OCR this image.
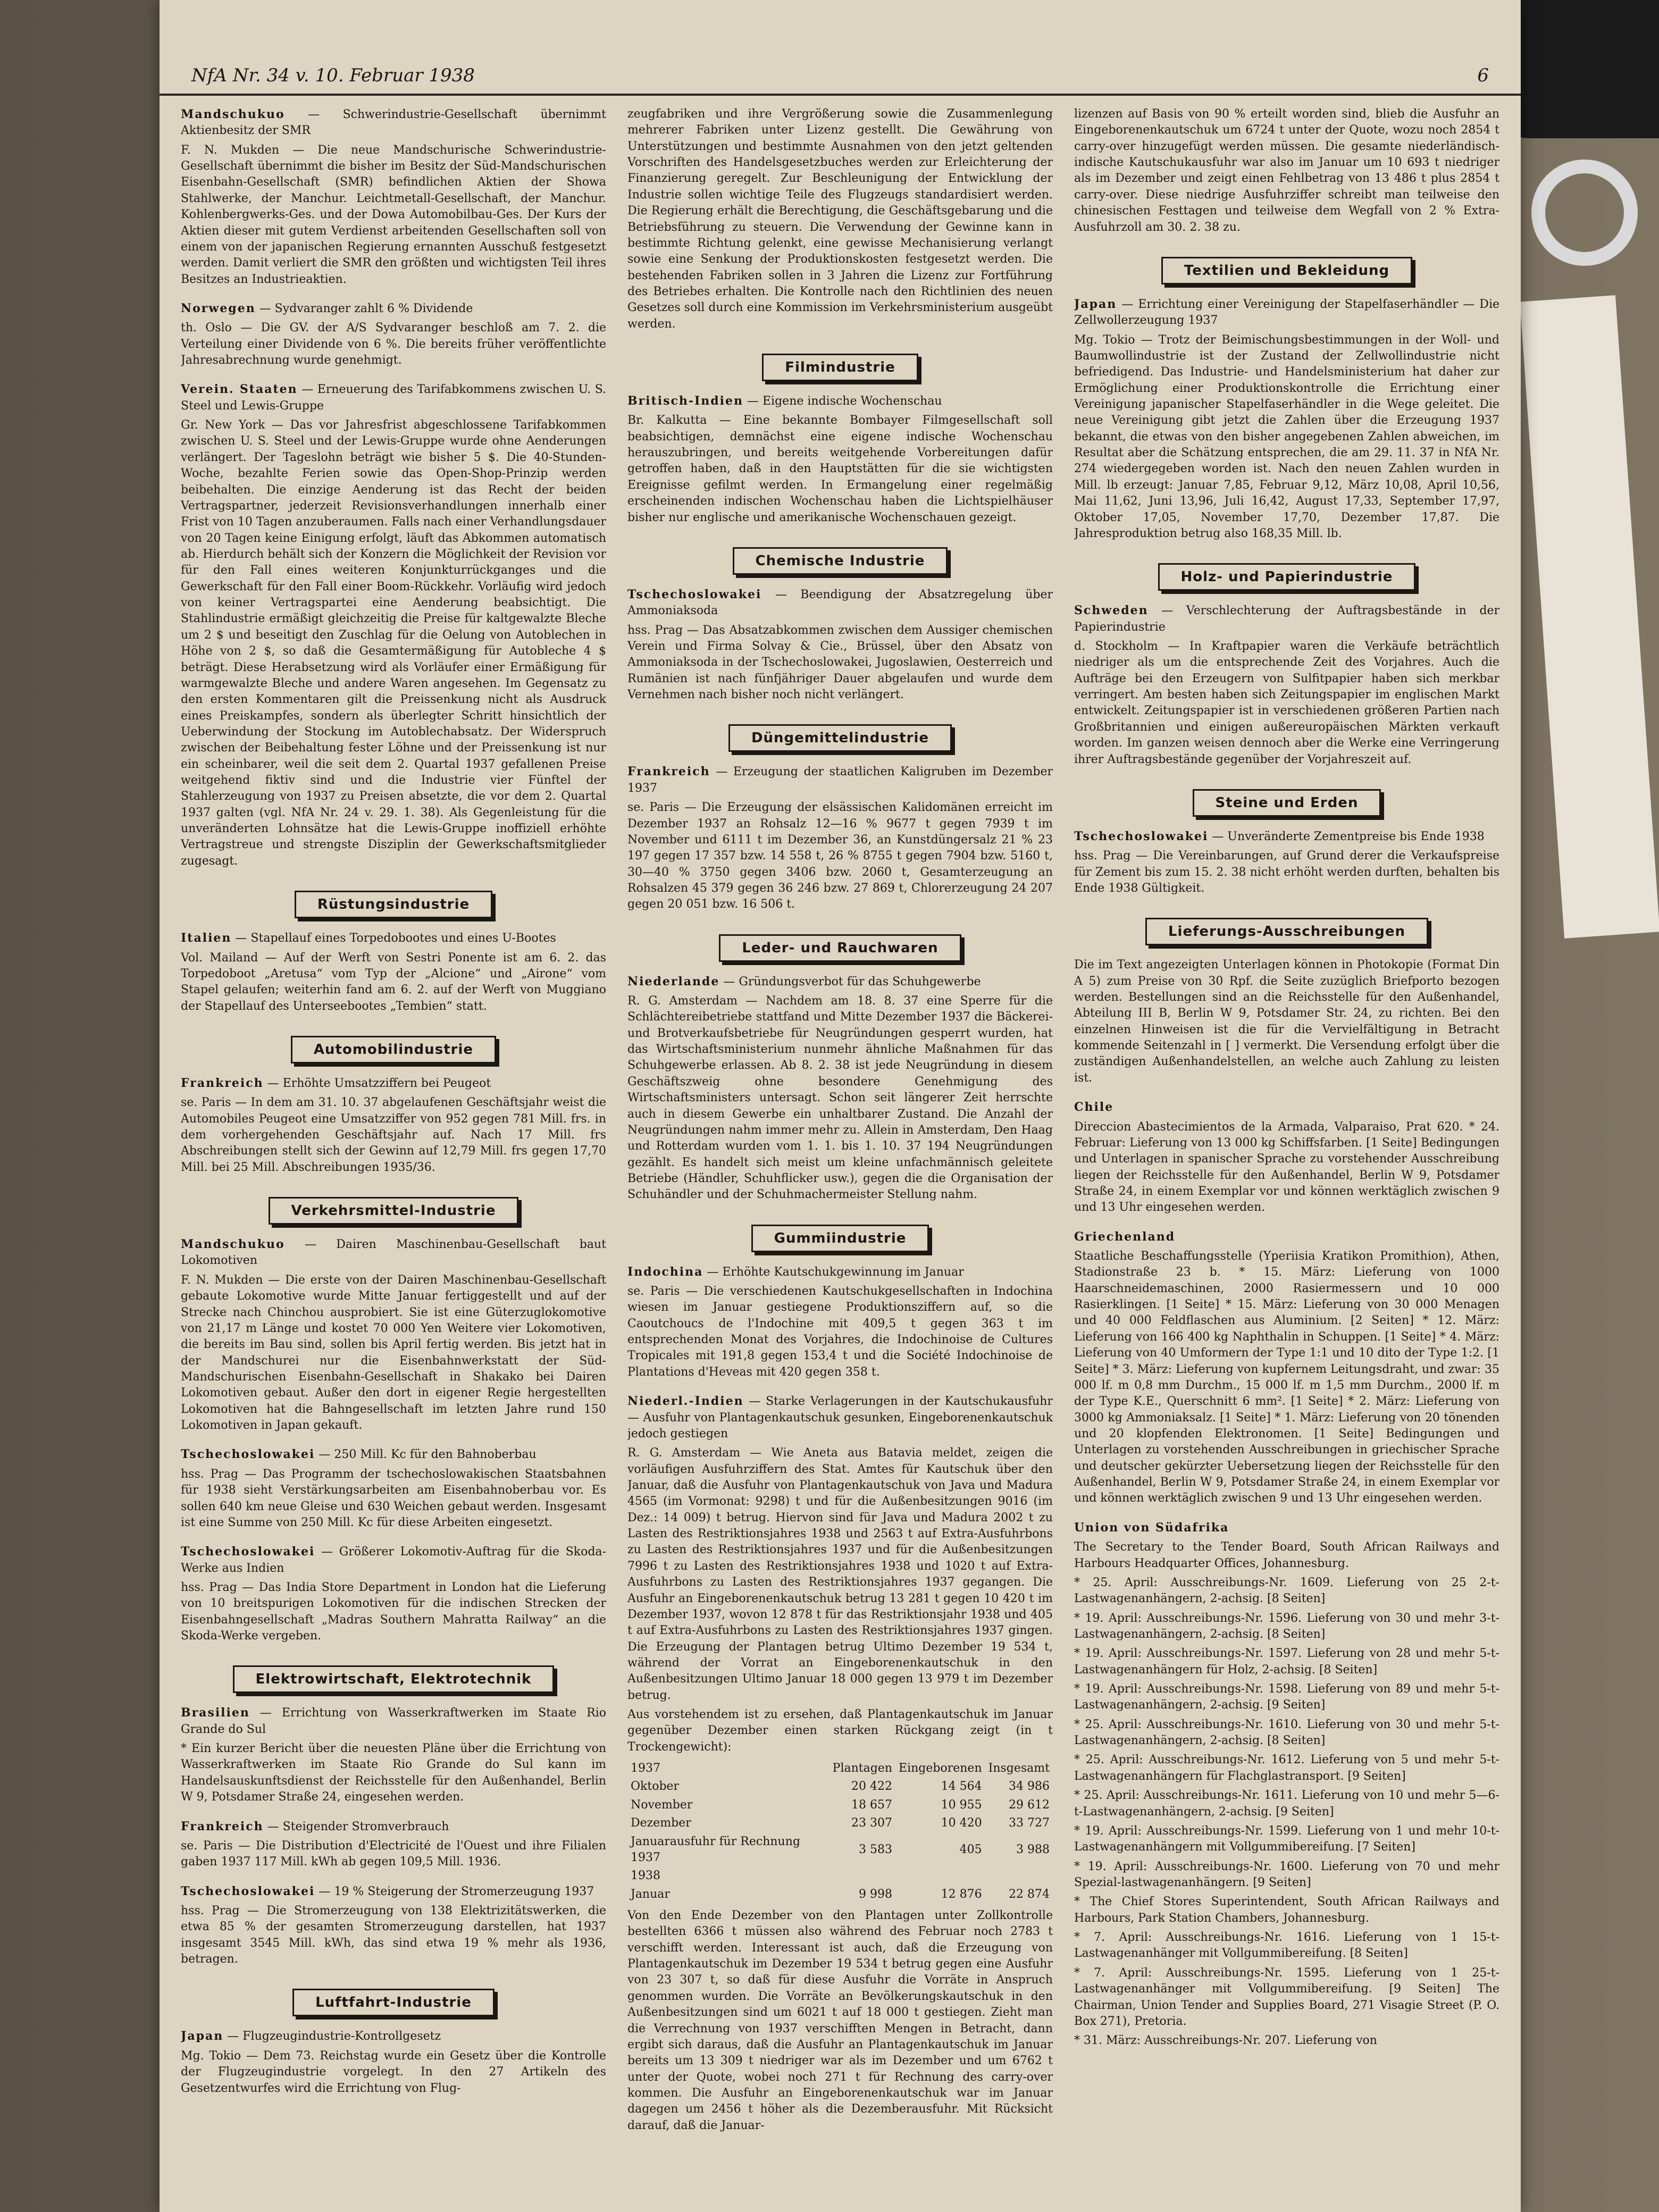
NfA Nr. 34 v. 10. Februar 1938	6
Mandschukuo — Schwerindustrie-Gesellschaft übernimmt Aktienbesitz der SMR

F. N. Mukden — Die neue Mandschurische Schwerindustrie-Gesellschaft übernimmt die bisher im Besitz der Süd-Mandschurischen Eisenbahn-Gesellschaft (SMR) befindlichen Aktien der Showa Stahlwerke, der Manchur. Leichtmetall-Gesellschaft, der Manchur. Kohlenbergwerks-Ges. und der Dowa Automobilbau-Ges. Der Kurs der Aktien dieser mit gutem Verdienst arbeitenden Gesellschaften soll von einem von der japanischen Regierung ernannten Ausschuß festgesetzt werden. Damit verliert die SMR den größten und wichtigsten Teil ihres Besitzes an Industrieaktien.

Norwegen — Sydvaranger zahlt 6 % Dividende

th. Oslo — Die GV. der A/S Sydvaranger beschloß am 7. 2. die Verteilung einer Dividende von 6 %. Die bereits früher veröffentlichte Jahresabrechnung wurde genehmigt.

Verein. Staaten — Erneuerung des Tarifabkommens zwischen U. S. Steel und Lewis-Gruppe

Gr. New York — Das vor Jahresfrist abgeschlossene Tarifabkommen zwischen U. S. Steel und der Lewis-Gruppe wurde ohne Aenderungen verlängert. Der Tageslohn beträgt wie bisher 5 $. Die 40-Stunden-Woche, bezahlte Ferien sowie das Open-Shop-Prinzip werden beibehalten. Die einzige Aenderung ist das Recht der beiden Vertragspartner, jederzeit Revisionsverhandlungen innerhalb einer Frist von 10 Tagen anzuberaumen. Falls nach einer Verhandlungsdauer von 20 Tagen keine Einigung erfolgt, läuft das Abkommen automatisch ab. Hierdurch behält sich der Konzern die Möglichkeit der Revision vor für den Fall eines weiteren Konjunkturrückganges und die Gewerkschaft für den Fall einer Boom-Rückkehr. Vorläufig wird jedoch von keiner Vertragspartei eine Aenderung beabsichtigt. Die Stahlindustrie ermäßigt gleichzeitig die Preise für kaltgewalzte Bleche um 2 $ und beseitigt den Zuschlag für die Oelung von Autoblechen in Höhe von 2 $, so daß die Gesamtermäßigung für Autobleche 4 $ beträgt. Diese Herabsetzung wird als Vorläufer einer Ermäßigung für warmgewalzte Bleche und andere Waren angesehen. Im Gegensatz zu den ersten Kommentaren gilt die Preissenkung nicht als Ausdruck eines Preiskampfes, sondern als überlegter Schritt hinsichtlich der Ueberwindung der Stockung im Autoblechabsatz. Der Widerspruch zwischen der Beibehaltung fester Löhne und der Preissenkung ist nur ein scheinbarer, weil die seit dem 2. Quartal 1937 gefallenen Preise weitgehend fiktiv sind und die Industrie vier Fünftel der Stahlerzeugung von 1937 zu Preisen absetzte, die vor dem 2. Quartal 1937 galten (vgl. NfA Nr. 24 v. 29. 1. 38). Als Gegenleistung für die unveränderten Lohnsätze hat die Lewis-Gruppe inoffiziell erhöhte Vertragstreue und strengste Disziplin der Gewerkschaftsmitglieder zugesagt.

Rüstungsindustrie
Italien — Stapellauf eines Torpedobootes und eines U-Bootes

Vol. Mailand — Auf der Werft von Sestri Ponente ist am 6. 2. das Torpedoboot „Aretusa“ vom Typ der „Alcione“ und „Airone“ vom Stapel gelaufen; weiterhin fand am 6. 2. auf der Werft von Muggiano der Stapellauf des Unterseebootes „Tembien“ statt.

Automobilindustrie
Frankreich — Erhöhte Umsatzziffern bei Peugeot

se. Paris — In dem am 31. 10. 37 abgelaufenen Geschäftsjahr weist die Automobiles Peugeot eine Umsatzziffer von 952 gegen 781 Mill. frs. in dem vorhergehenden Geschäftsjahr auf. Nach 17 Mill. frs Abschreibungen stellt sich der Gewinn auf 12,79 Mill. frs gegen 17,70 Mill. bei 25 Mill. Abschreibungen 1935/36.

Verkehrsmittel-Industrie
Mandschukuo — Dairen Maschinenbau-Gesellschaft baut Lokomotiven

F. N. Mukden — Die erste von der Dairen Maschinenbau-Gesellschaft gebaute Lokomotive wurde Mitte Januar fertiggestellt und auf der Strecke nach Chinchou ausprobiert. Sie ist eine Güterzuglokomotive von 21,17 m Länge und kostet 70 000 Yen Weitere vier Lokomotiven, die bereits im Bau sind, sollen bis April fertig werden. Bis jetzt hat in der Mandschurei nur die Eisenbahnwerkstatt der Süd-Mandschurischen Eisenbahn-Gesellschaft in Shakako bei Dairen Lokomotiven gebaut. Außer den dort in eigener Regie hergestellten Lokomotiven hat die Bahngesellschaft im letzten Jahre rund 150 Lokomotiven in Japan gekauft.

Tschechoslowakei — 250 Mill. Kc für den Bahnoberbau

hss. Prag — Das Programm der tschechoslowakischen Staatsbahnen für 1938 sieht Verstärkungsarbeiten am Eisenbahnoberbau vor. Es sollen 640 km neue Gleise und 630 Weichen gebaut werden. Insgesamt ist eine Summe von 250 Mill. Kc für diese Arbeiten eingesetzt.

Tschechoslowakei — Größerer Lokomotiv-Auftrag für die Skoda-Werke aus Indien

hss. Prag — Das India Store Department in London hat die Lieferung von 10 breitspurigen Lokomotiven für die indischen Strecken der Eisenbahngesellschaft „Madras Southern Mahratta Railway“ an die Skoda-Werke vergeben.

Elektrowirtschaft, Elektrotechnik
Brasilien — Errichtung von Wasserkraftwerken im Staate Rio Grande do Sul

* Ein kurzer Bericht über die neuesten Pläne über die Errichtung von Wasserkraftwerken im Staate Rio Grande do Sul kann im Handelsauskunftsdienst der Reichsstelle für den Außenhandel, Berlin W 9, Potsdamer Straße 24, eingesehen werden.

Frankreich — Steigender Stromverbrauch

se. Paris — Die Distribution d'Electricité de l'Ouest und ihre Filialen gaben 1937 117 Mill. kWh ab gegen 109,5 Mill. 1936.

Tschechoslowakei — 19 % Steigerung der Stromerzeugung 1937

hss. Prag — Die Stromerzeugung von 138 Elektrizitätswerken, die etwa 85 % der gesamten Stromerzeugung darstellen, hat 1937 insgesamt 3545 Mill. kWh, das sind etwa 19 % mehr als 1936, betragen.

Luftfahrt-Industrie
Japan — Flugzeugindustrie-Kontrollgesetz

Mg. Tokio — Dem 73. Reichstag wurde ein Gesetz über die Kontrolle der Flugzeugindustrie vorgelegt. In den 27 Artikeln des Gesetzentwurfes wird die Errichtung von Flug-

zeugfabriken und ihre Vergrößerung sowie die Zusammenlegung mehrerer Fabriken unter Lizenz gestellt. Die Gewährung von Unterstützungen und bestimmte Ausnahmen von den jetzt geltenden Vorschriften des Handelsgesetzbuches werden zur Erleichterung der Finanzierung geregelt. Zur Beschleunigung der Entwicklung der Industrie sollen wichtige Teile des Flugzeugs standardisiert werden. Die Regierung erhält die Berechtigung, die Geschäftsgebarung und die Betriebsführung zu steuern. Die Verwendung der Gewinne kann in bestimmte Richtung gelenkt, eine gewisse Mechanisierung verlangt sowie eine Senkung der Produktionskosten festgesetzt werden. Die bestehenden Fabriken sollen in 3 Jahren die Lizenz zur Fortführung des Betriebes erhalten. Die Kontrolle nach den Richtlinien des neuen Gesetzes soll durch eine Kommission im Verkehrsministerium ausgeübt werden.

Filmindustrie
Britisch-Indien — Eigene indische Wochenschau

Br. Kalkutta — Eine bekannte Bombayer Filmgesellschaft soll beabsichtigen, demnächst eine eigene indische Wochenschau herauszubringen, und bereits weitgehende Vorbereitungen dafür getroffen haben, daß in den Hauptstätten für die sie wichtigsten Ereignisse gefilmt werden. In Ermangelung einer regelmäßig erscheinenden indischen Wochenschau haben die Lichtspielhäuser bisher nur englische und amerikanische Wochenschauen gezeigt.

Chemische Industrie
Tschechoslowakei — Beendigung der Absatzregelung über Ammoniaksoda

hss. Prag — Das Absatzabkommen zwischen dem Aussiger chemischen Verein und Firma Solvay & Cie., Brüssel, über den Absatz von Ammoniaksoda in der Tschechoslowakei, Jugoslawien, Oesterreich und Rumänien ist nach fünfjähriger Dauer abgelaufen und wurde dem Vernehmen nach bisher noch nicht verlängert.

Düngemittelindustrie
Frankreich — Erzeugung der staatlichen Kaligruben im Dezember 1937

se. Paris — Die Erzeugung der elsässischen Kalidomänen erreicht im Dezember 1937 an Rohsalz 12—16 % 9677 t gegen 7939 t im November und 6111 t im Dezember 36, an Kunstdüngersalz 21 % 23 197 gegen 17 357 bzw. 14 558 t, 26 % 8755 t gegen 7904 bzw. 5160 t, 30—40 % 3750 gegen 3406 bzw. 2060 t, Gesamterzeugung an Rohsalzen 45 379 gegen 36 246 bzw. 27 869 t, Chlorerzeugung 24 207 gegen 20 051 bzw. 16 506 t.

Leder- und Rauchwaren
Niederlande — Gründungsverbot für das Schuhgewerbe

R. G. Amsterdam — Nachdem am 18. 8. 37 eine Sperre für die Schlächtereibetriebe stattfand und Mitte Dezember 1937 die Bäckerei- und Brotverkaufsbetriebe für Neugründungen gesperrt wurden, hat das Wirtschaftsministerium nunmehr ähnliche Maßnahmen für das Schuhgewerbe erlassen. Ab 8. 2. 38 ist jede Neugründung in diesem Geschäftszweig ohne besondere Genehmigung des Wirtschaftsministers untersagt. Schon seit längerer Zeit herrschte auch in diesem Gewerbe ein unhaltbarer Zustand. Die Anzahl der Neugründungen nahm immer mehr zu. Allein in Amsterdam, Den Haag und Rotterdam wurden vom 1. 1. bis 1. 10. 37 194 Neugründungen gezählt. Es handelt sich meist um kleine unfachmännisch geleitete Betriebe (Händler, Schuhflicker usw.), gegen die die Organisation der Schuhändler und der Schuhmachermeister Stellung nahm.

Gummiindustrie
Indochina — Erhöhte Kautschukgewinnung im Januar

se. Paris — Die verschiedenen Kautschukgesellschaften in Indochina wiesen im Januar gestiegene Produktionsziffern auf, so die Caoutchoucs de l'Indochine mit 409,5 t gegen 363 t im entsprechenden Monat des Vorjahres, die Indochinoise de Cultures Tropicales mit 191,8 gegen 153,4 t und die Société Indochinoise de Plantations d'Heveas mit 420 gegen 358 t.

Niederl.-Indien — Starke Verlagerungen in der Kautschukausfuhr — Ausfuhr von Plantagenkautschuk gesunken, Eingeborenenkautschuk jedoch gestiegen

R. G. Amsterdam — Wie Aneta aus Batavia meldet, zeigen die vorläufigen Ausfuhrziffern des Stat. Amtes für Kautschuk über den Januar, daß die Ausfuhr von Plantagenkautschuk von Java und Madura 4565 (im Vormonat: 9298) t und für die Außenbesitzungen 9016 (im Dez.: 14 009) t betrug. Hiervon sind für Java und Madura 2002 t zu Lasten des Restriktionsjahres 1938 und 2563 t auf Extra-Ausfuhrbons zu Lasten des Restriktionsjahres 1937 und für die Außenbesitzungen 7996 t zu Lasten des Restriktionsjahres 1938 und 1020 t auf Extra-Ausfuhrbons zu Lasten des Restriktionsjahres 1937 gegangen. Die Ausfuhr an Eingeborenenkautschuk betrug 13 281 t gegen 10 420 t im Dezember 1937, wovon 12 878 t für das Restriktionsjahr 1938 und 405 t auf Extra-Ausfuhrbons zu Lasten des Restriktionsjahres 1937 gingen. Die Erzeugung der Plantagen betrug Ultimo Dezember 19 534 t, während der Vorrat an Eingeborenenkautschuk in den Außenbesitzungen Ultimo Januar 18 000 gegen 13 979 t im Dezember betrug.

Aus vorstehendem ist zu ersehen, daß Plantagenkautschuk im Januar gegenüber Dezember einen starken Rückgang zeigt (in t Trockengewicht):

1937	Plantagen	Eingeborenen	Insgesamt
Oktober	20 422	14 564	34 986
November	18 657	10 955	29 612
Dezember	23 307	10 420	33 727
Januarausfuhr für Rechnung 1937	3 583	405	3 988
1938			
Januar	9 998	12 876	22 874

Von den Ende Dezember von den Plantagen unter Zollkontrolle bestellten 6366 t müssen also während des Februar noch 2783 t verschifft werden. Interessant ist auch, daß die Erzeugung von Plantagenkautschuk im Dezember 19 534 t betrug gegen eine Ausfuhr von 23 307 t, so daß für diese Ausfuhr die Vorräte in Anspruch genommen wurden. Die Vorräte an Bevölkerungskautschuk in den Außenbesitzungen sind um 6021 t auf 18 000 t gestiegen. Zieht man die Verrechnung von 1937 verschifften Mengen in Betracht, dann ergibt sich daraus, daß die Ausfuhr an Plantagenkautschuk im Januar bereits um 13 309 t niedriger war als im Dezember und um 6762 t unter der Quote, wobei noch 271 t für Rechnung des carry-over kommen. Die Ausfuhr an Eingeborenenkautschuk war im Januar dagegen um 2456 t höher als die Dezemberausfuhr. Mit Rücksicht darauf, daß die Januar-

lizenzen auf Basis von 90 % erteilt worden sind, blieb die Ausfuhr an Eingeborenenkautschuk um 6724 t unter der Quote, wozu noch 2854 t carry-over hinzugefügt werden müssen. Die gesamte niederländisch-indische Kautschukausfuhr war also im Januar um 10 693 t niedriger als im Dezember und zeigt einen Fehlbetrag von 13 486 t plus 2854 t carry-over. Diese niedrige Ausfuhrziffer schreibt man teilweise den chinesischen Festtagen und teilweise dem Wegfall von 2 % Extra-Ausfuhrzoll am 30. 2. 38 zu.

Textilien und Bekleidung
Japan — Errichtung einer Vereinigung der Stapelfaserhändler — Die Zellwollerzeugung 1937

Mg. Tokio — Trotz der Beimischungsbestimmungen in der Woll- und Baumwollindustrie ist der Zustand der Zellwollindustrie nicht befriedigend. Das Industrie- und Handelsministerium hat daher zur Ermöglichung einer Produktionskontrolle die Errichtung einer Vereinigung japanischer Stapelfaserhändler in die Wege geleitet. Die neue Vereinigung gibt jetzt die Zahlen über die Erzeugung 1937 bekannt, die etwas von den bisher angegebenen Zahlen abweichen, im Resultat aber die Schätzung entsprechen, die am 29. 11. 37 in NfA Nr. 274 wiedergegeben worden ist. Nach den neuen Zahlen wurden in Mill. lb erzeugt: Januar 7,85, Februar 9,12, März 10,08, April 10,56, Mai 11,62, Juni 13,96, Juli 16,42, August 17,33, September 17,97, Oktober 17,05, November 17,70, Dezember 17,87. Die Jahresproduktion betrug also 168,35 Mill. lb.

Holz- und Papierindustrie
Schweden — Verschlechterung der Auftragsbestände in der Papierindustrie

d. Stockholm — In Kraftpapier waren die Verkäufe beträchtlich niedriger als um die entsprechende Zeit des Vorjahres. Auch die Aufträge bei den Erzeugern von Sulfitpapier haben sich merkbar verringert. Am besten haben sich Zeitungspapier im englischen Markt entwickelt. Zeitungspapier ist in verschiedenen größeren Partien nach Großbritannien und einigen außereuropäischen Märkten verkauft worden. Im ganzen weisen dennoch aber die Werke eine Verringerung ihrer Auftragsbestände gegenüber der Vorjahreszeit auf.

Steine und Erden
Tschechoslowakei — Unveränderte Zementpreise bis Ende 1938

hss. Prag — Die Vereinbarungen, auf Grund derer die Verkaufspreise für Zement bis zum 15. 2. 38 nicht erhöht werden durften, behalten bis Ende 1938 Gültigkeit.

Lieferungs-Ausschreibungen

Die im Text angezeigten Unterlagen können in Photokopie (Format Din A 5) zum Preise von 30 Rpf. die Seite zuzüglich Briefporto bezogen werden. Bestellungen sind an die Reichsstelle für den Außenhandel, Abteilung III B, Berlin W 9, Potsdamer Str. 24, zu richten. Bei den einzelnen Hinweisen ist die für die Vervielfältigung in Betracht kommende Seitenzahl in [ ] vermerkt. Die Versendung erfolgt über die zuständigen Außenhandelstellen, an welche auch Zahlung zu leisten ist.

Chile

Direccion Abastecimientos de la Armada, Valparaiso, Prat 620. * 24. Februar: Lieferung von 13 000 kg Schiffsfarben. [1 Seite] Bedingungen und Unterlagen in spanischer Sprache zu vorstehender Ausschreibung liegen der Reichsstelle für den Außenhandel, Berlin W 9, Potsdamer Straße 24, in einem Exemplar vor und können werktäglich zwischen 9 und 13 Uhr eingesehen werden.

Griechenland

Staatliche Beschaffungsstelle (Yperiisia Kratikon Promithion), Athen, Stadionstraße 23 b. * 15. März: Lieferung von 1000 Haarschneidemaschinen, 2000 Rasiermessern und 10 000 Rasierklingen. [1 Seite] * 15. März: Lieferung von 30 000 Menagen und 40 000 Feldflaschen aus Aluminium. [2 Seiten] * 12. März: Lieferung von 166 400 kg Naphthalin in Schuppen. [1 Seite] * 4. März: Lieferung von 40 Umformern der Type 1:1 und 10 dito der Type 1:2. [1 Seite] * 3. März: Lieferung von kupfernem Leitungsdraht, und zwar: 35 000 lf. m 0,8 mm Durchm., 15 000 lf. m 1,5 mm Durchm., 2000 lf. m der Type K.E., Querschnitt 6 mm². [1 Seite] * 2. März: Lieferung von 3000 kg Ammoniaksalz. [1 Seite] * 1. März: Lieferung von 20 tönenden und 20 klopfenden Elektronomen. [1 Seite] Bedingungen und Unterlagen zu vorstehenden Ausschreibungen in griechischer Sprache und deutscher gekürzter Uebersetzung liegen der Reichsstelle für den Außenhandel, Berlin W 9, Potsdamer Straße 24, in einem Exemplar vor und können werktäglich zwischen 9 und 13 Uhr eingesehen werden.

Union von Südafrika

The Secretary to the Tender Board, South African Railways and Harbours Headquarter Offices, Johannesburg.

* 25. April: Ausschreibungs-Nr. 1609. Lieferung von 25 2-t-Lastwagenanhängern, 2-achsig. [8 Seiten]
* 19. April: Ausschreibungs-Nr. 1596. Lieferung von 30 und mehr 3-t-Lastwagenanhängern, 2-achsig. [8 Seiten]
* 19. April: Ausschreibungs-Nr. 1597. Lieferung von 28 und mehr 5-t-Lastwagenanhängern für Holz, 2-achsig. [8 Seiten]
* 19. April: Ausschreibungs-Nr. 1598. Lieferung von 89 und mehr 5-t-Lastwagenanhängern, 2-achsig. [9 Seiten]
* 25. April: Ausschreibungs-Nr. 1610. Lieferung von 30 und mehr 5-t-Lastwagenanhängern, 2-achsig. [8 Seiten]
* 25. April: Ausschreibungs-Nr. 1612. Lieferung von 5 und mehr 5-t-Lastwagenanhängern für Flachglastransport. [9 Seiten]
* 25. April: Ausschreibungs-Nr. 1611. Lieferung von 10 und mehr 5—6-t-Lastwagenanhängern, 2-achsig. [9 Seiten]
* 19. April: Ausschreibungs-Nr. 1599. Lieferung von 1 und mehr 10-t-Lastwagenanhängern mit Vollgummibereifung. [7 Seiten]
* 19. April: Ausschreibungs-Nr. 1600. Lieferung von 70 und mehr Spezial-lastwagenanhängern. [9 Seiten]
* The Chief Stores Superintendent, South African Railways and Harbours, Park Station Chambers, Johannesburg.
* 7. April: Ausschreibungs-Nr. 1616. Lieferung von 1 15-t-Lastwagenanhänger mit Vollgummibereifung. [8 Seiten]
* 7. April: Ausschreibungs-Nr. 1595. Lieferung von 1 25-t-Lastwagenanhänger mit Vollgummibereifung. [9 Seiten] The Chairman, Union Tender and Supplies Board, 271 Visagie Street (P. O. Box 271), Pretoria.
* 31. März: Ausschreibungs-Nr. 207. Lieferung von
